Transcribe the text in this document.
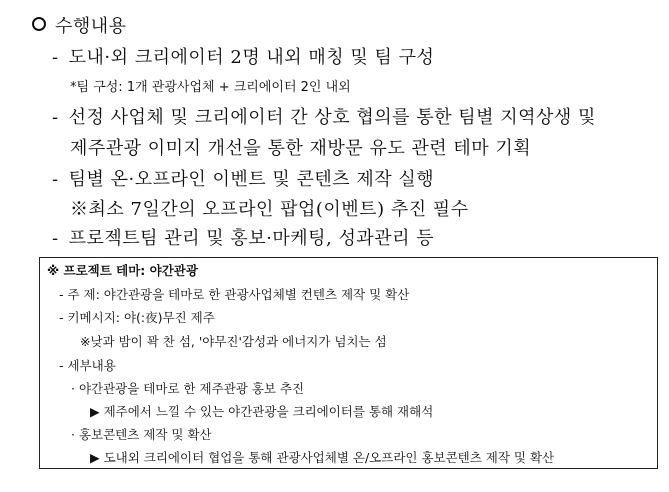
수행내용
- 도내·외 크리에이터 2명 내외 매칭 및 팀 구성
*팀 구성: 1개 관광사업체 + 크리에이터 2인 내외
- 선정 사업체 및 크리에이터 간 상호 협의를 통한 팀별 지역상생 및
제주관광 이미지 개선을 통한 재방문 유도 관련 테마 기획
- 팀별 온·오프라인 이벤트 및 콘텐츠 제작 실행
※최소 7일간의 오프라인 팝업(이벤트) 추진 필수
- 프로젝트팀 관리 및 홍보·마케팅, 성과관리 등
※ 프로젝트 테마: 야간관광
- 주 제: 야간관광을 테마로 한 관광사업체별 컨텐츠 제작 및 확산
- 키메시지: 야(:夜)무진 제주
※낮과 밤이 꽉 찬 섬, '야무진'감성과 에너지가 넘치는 섬
- 세부내용
· 야간관광을 테마로 한 제주관광 홍보 추진
▶ 제주에서 느낄 수 있는 야간관광을 크리에이터를 통해 재해석
· 홍보콘텐츠 제작 및 확산
▶ 도내외 크리에이터 협업을 통해 관광사업체별 온/오프라인 홍보콘텐츠 제작 및 확산
